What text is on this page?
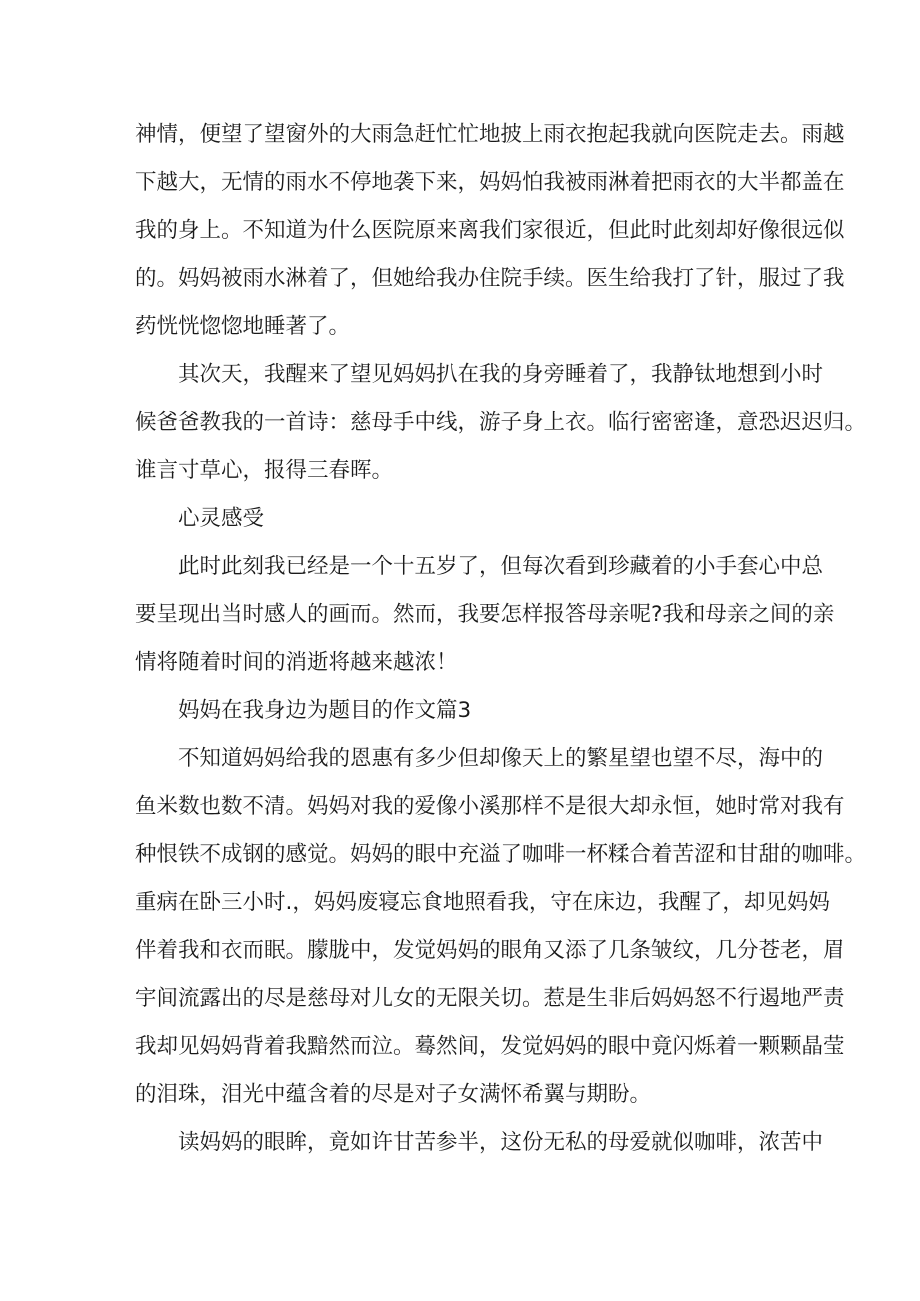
神情，便望了望窗外的大雨急赶忙忙地披上雨衣抱起我就向医院走去。雨越

下越大，无情的雨水不停地袭下来，妈妈怕我被雨淋着把雨衣的大半都盖在

我的身上。不知道为什么医院原来离我们家很近，但此时此刻却好像很远似

的。妈妈被雨水淋着了，但她给我办住院手续。医生给我打了针，服过了我

药恍恍惚惚地睡著了。

其次天，我醒来了望见妈妈扒在我的身旁睡着了，我静钛地想到小时

候爸爸教我的一首诗：慈母手中线，游子身上衣。临行密密逢，意恐迟迟归。

谁言寸草心，报得三春晖。

心灵感受

此时此刻我已经是一个十五岁了，但每次看到珍藏着的小手套心中总

要呈现出当时感人的画而。然而，我要怎样报答母亲呢?我和母亲之间的亲

情将随着时间的消逝将越来越浓！

妈妈在我身边为题目的作文篇3

不知道妈妈给我的恩惠有多少但却像天上的繁星望也望不尽，海中的

鱼米数也数不清。妈妈对我的爱像小溪那样不是很大却永恒，她时常对我有

种恨铁不成钢的感觉。妈妈的眼中充溢了咖啡一杯糅合着苦涩和甘甜的咖啡。

重病在卧三小时.，妈妈废寝忘食地照看我，守在床边，我醒了，却见妈妈

伴着我和衣而眠。朦胧中，发觉妈妈的眼角又添了几条皱纹，几分苍老，眉

宇间流露出的尽是慈母对儿女的无限关切。惹是生非后妈妈怒不行遏地严责

我却见妈妈背着我黯然而泣。蓦然间，发觉妈妈的眼中竟闪烁着一颗颗晶莹

的泪珠，泪光中蕴含着的尽是对子女满怀希翼与期盼。

读妈妈的眼眸，竟如许甘苦参半，这份无私的母爱就似咖啡，浓苦中
